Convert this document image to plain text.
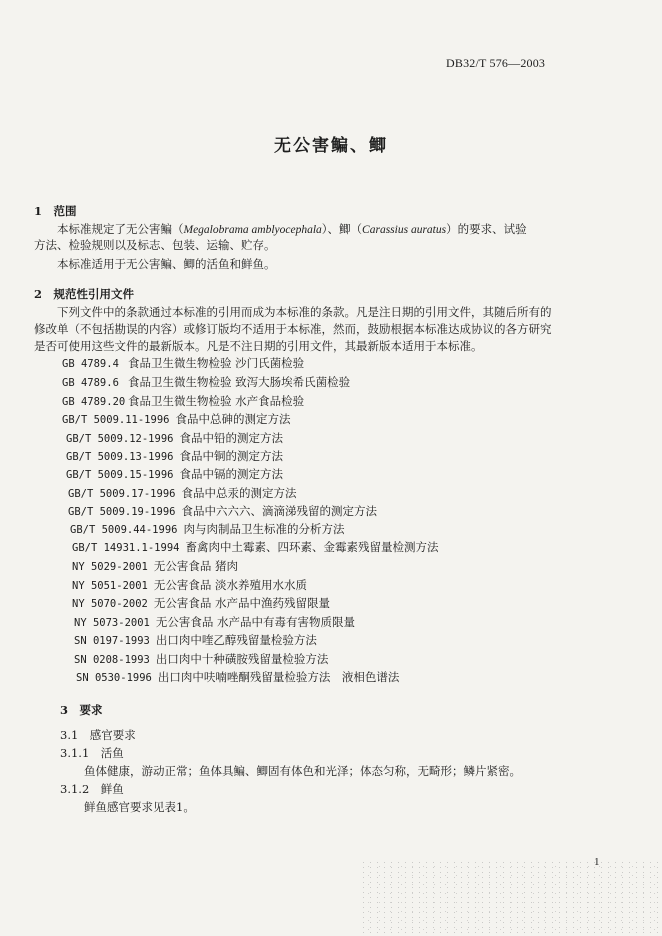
DB32/T 576—2003
无公害鳊、鲫
1　范围
本标准规定了无公害鳊（Megalobrama amblyocephala）、鲫（Carassius auratus）的要求、试验
方法、检验规则以及标志、包装、运输、贮存。
本标准适用于无公害鳊、鲫的活鱼和鲜鱼。
2　规范性引用文件
下列文件中的条款通过本标准的引用而成为本标准的条款。凡是注日期的引用文件，其随后所有的
修改单（不包括勘误的内容）或修订版均不适用于本标准，然而，鼓励根据本标准达成协议的各方研究
是否可使用这些文件的最新版本。凡是不注日期的引用文件，其最新版本适用于本标准。
GB 4789.4 食品卫生微生物检验 沙门氏菌检验
GB 4789.6 食品卫生微生物检验 致泻大肠埃希氏菌检验
GB 4789.20 食品卫生微生物检验 水产食品检验
GB/T 5009.11-1996 食品中总砷的测定方法
GB/T 5009.12-1996 食品中铅的测定方法
GB/T 5009.13-1996 食品中铜的测定方法
GB/T 5009.15-1996 食品中镉的测定方法
GB/T 5009.17-1996 食品中总汞的测定方法
GB/T 5009.19-1996 食品中六六六、滴滴涕残留的测定方法
GB/T 5009.44-1996 肉与肉制品卫生标准的分析方法
GB/T 14931.1-1994 畜禽肉中土霉素、四环素、金霉素残留量检测方法
NY 5029-2001 无公害食品 猪肉
NY 5051-2001 无公害食品 淡水养殖用水水质
NY 5070-2002 无公害食品 水产品中渔药残留限量
NY 5073-2001 无公害食品 水产品中有毒有害物质限量
SN 0197-1993 出口肉中喹乙醇残留量检验方法
SN 0208-1993 出口肉中十种磺胺残留量检验方法
SN 0530-1996 出口肉中呋喃唑酮残留量检验方法　液相色谱法
3　要求
3.1　感官要求
3.1.1　活鱼
鱼体健康，游动正常；鱼体具鳊、鲫固有体色和光泽；体态匀称，无畸形；鳞片紧密。
3.1.2　鲜鱼
鲜鱼感官要求见表1。
1
